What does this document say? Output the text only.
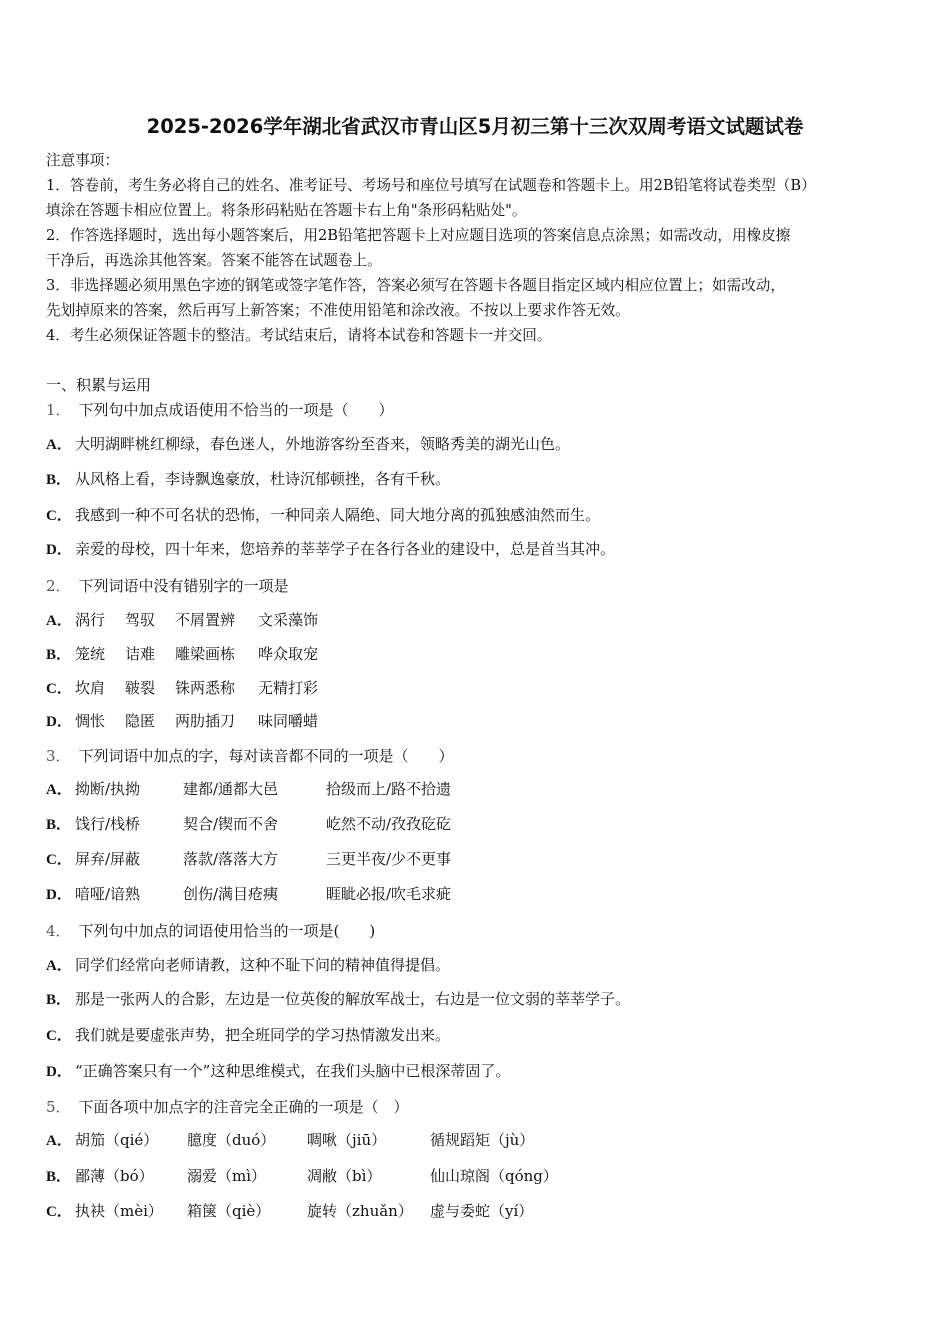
2025-2026学年湖北省武汉市青山区5月初三第十三次双周考语文试题试卷
注意事项：
1．答卷前，考生务必将自己的姓名、准考证号、考场号和座位号填写在试题卷和答题卡上。用2B铅笔将试卷类型（B）
填涂在答题卡相应位置上。将条形码粘贴在答题卡右上角"条形码粘贴处"。
2．作答选择题时，选出每小题答案后，用2B铅笔把答题卡上对应题目选项的答案信息点涂黑；如需改动，用橡皮擦
干净后，再选涂其他答案。答案不能答在试题卷上。
3．非选择题必须用黑色字迹的钢笔或签字笔作答，答案必须写在答题卡各题目指定区域内相应位置上；如需改动，
先划掉原来的答案，然后再写上新答案；不准使用铅笔和涂改液。不按以上要求作答无效。
4．考生必须保证答题卡的整洁。考试结束后，请将本试卷和答题卡一并交回。
一、积累与运用
1． 下列句中加点成语使用不恰当的一项是（　　）
A． 大明湖畔桃红柳绿，春色迷人，外地游客纷至沓来，领略秀美的湖光山色。
B． 从风格上看，李诗飘逸豪放，杜诗沉郁顿挫，各有千秋。
C． 我感到一种不可名状的恐怖，一种同亲人隔绝、同大地分离的孤独感油然而生。
D． 亲爱的母校，四十年来，您培养的莘莘学子在各行各业的建设中，总是首当其冲。
2． 下列词语中没有错别字的一项是
A． 涡行 驾驭 不屑置辨 文采藻饰
B． 笼统 诘难 雕梁画栋 哗众取宠
C． 坎肩 皲裂 铢两悉称 无精打彩
D． 惆怅 隐匿 两肋插刀 味同嚼蜡
3． 下列词语中加点的字，每对读音都不同的一项是（　　）
A． 拗断/执拗	建都/通都大邑	拾级而上/路不拾遗
B． 饯行/栈桥	契合/锲而不舍	屹然不动/孜孜矻矻
C． 屏弃/屏蔽	落款/落落大方	三更半夜/少不更事
D． 喑哑/谙熟	创伤/满目疮痍	睚眦必报/吹毛求疵
4． 下列句中加点的词语使用恰当的一项是(　　)
A． 同学们经常向老师请教，这种不耻下问的精神值得提倡。
B． 那是一张两人的合影，左边是一位英俊的解放军战士，右边是一位文弱的莘莘学子。
C． 我们就是要虚张声势，把全班同学的学习热情激发出来。
D． “正确答案只有一个”这种思维模式，在我们头脑中已根深蒂固了。
5． 下面各项中加点字的注音完全正确的一项是（　）
A． 胡笳（qié） 臆度（duó） 啁啾（jiū）	循规蹈矩（jù）
B． 鄙薄（bó） 溺爱（mì）	凋敝（bì）	仙山琼阁（qóng）
C． 执袂（mèi） 箱箧（qiè） 旋转（zhuǎn） 虚与委蛇（yí）
